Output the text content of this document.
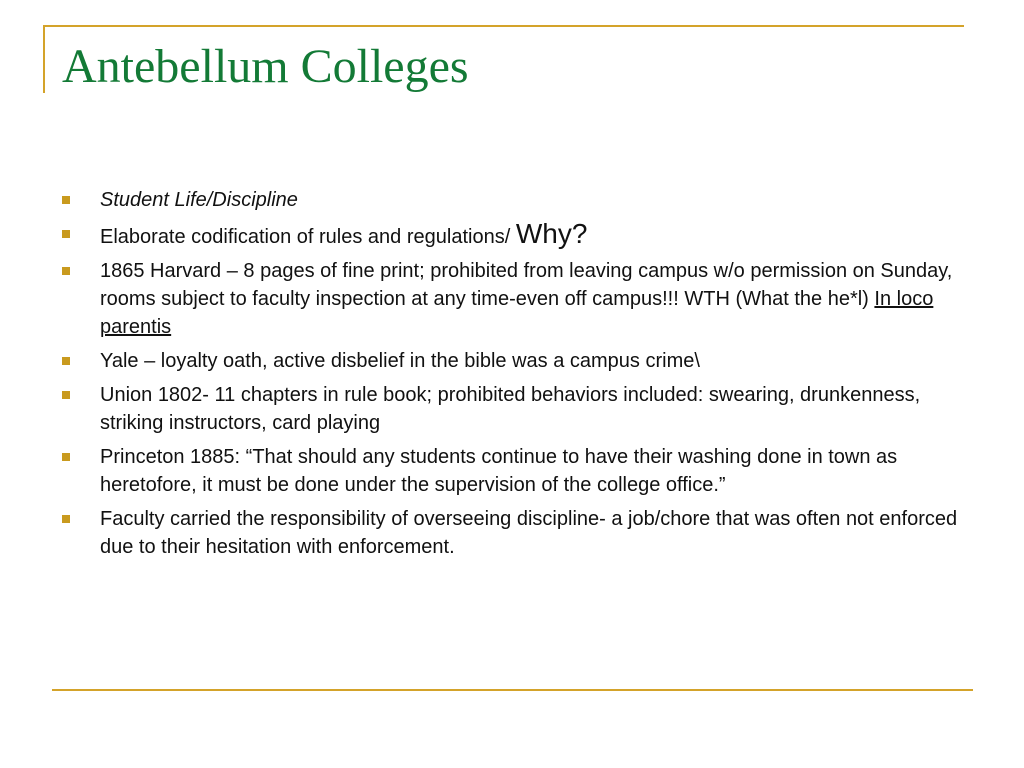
Antebellum Colleges
Student Life/Discipline
Elaborate codification of rules and regulations/ Why?
1865 Harvard – 8 pages of fine print; prohibited from leaving campus w/o permission on Sunday, rooms subject to faculty inspection at any time-even off campus!!! WTH (What the he*l) In loco parentis
Yale – loyalty oath, active disbelief in the bible was a campus crime\
Union 1802- 11 chapters in rule book; prohibited behaviors included: swearing, drunkenness, striking instructors, card playing
Princeton 1885: “That should any students continue to have their washing done in town as heretofore, it must be done under the supervision of the college office.”
Faculty carried the responsibility of overseeing discipline- a job/chore that was often not enforced due to their hesitation with enforcement.
